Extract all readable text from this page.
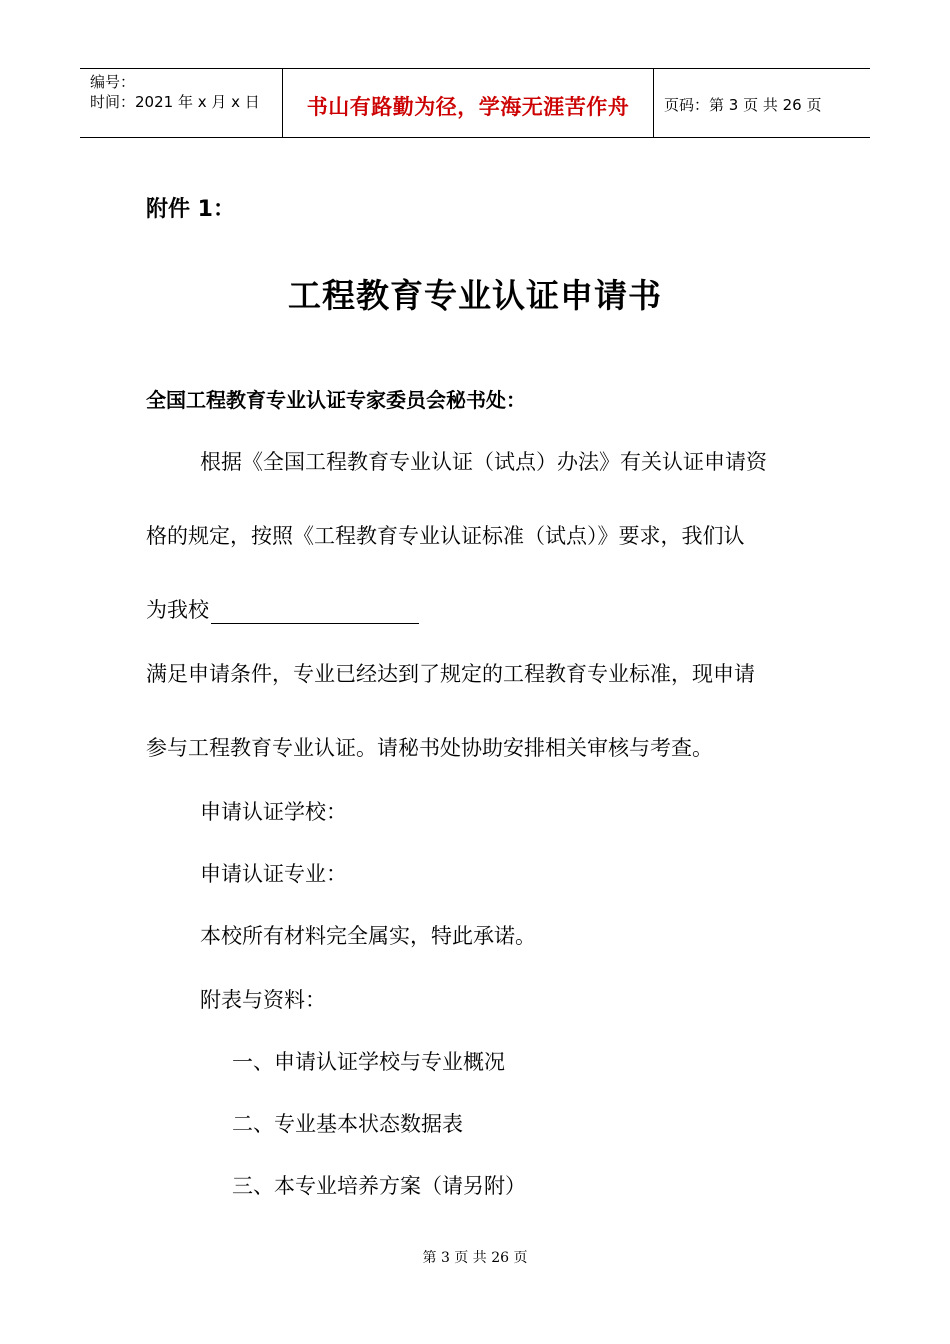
编号：
时间：2021 年 x 月 x 日	书山有路勤为径，学海无涯苦作舟	页码：第 3 页 共 26 页
附件 1：
工程教育专业认证申请书
全国工程教育专业认证专家委员会秘书处：
根据《全国工程教育专业认证（试点）办法》有关认证申请资
格的规定，按照《工程教育专业认证标准（试点）》要求，我们认
为我校
满足申请条件，专业已经达到了规定的工程教育专业标准，现申请
参与工程教育专业认证。请秘书处协助安排相关审核与考查。
申请认证学校：
申请认证专业：
本校所有材料完全属实，特此承诺。
附表与资料：
一、申请认证学校与专业概况
二、专业基本状态数据表
三、本专业培养方案（请另附）
第 3 页 共 26 页
